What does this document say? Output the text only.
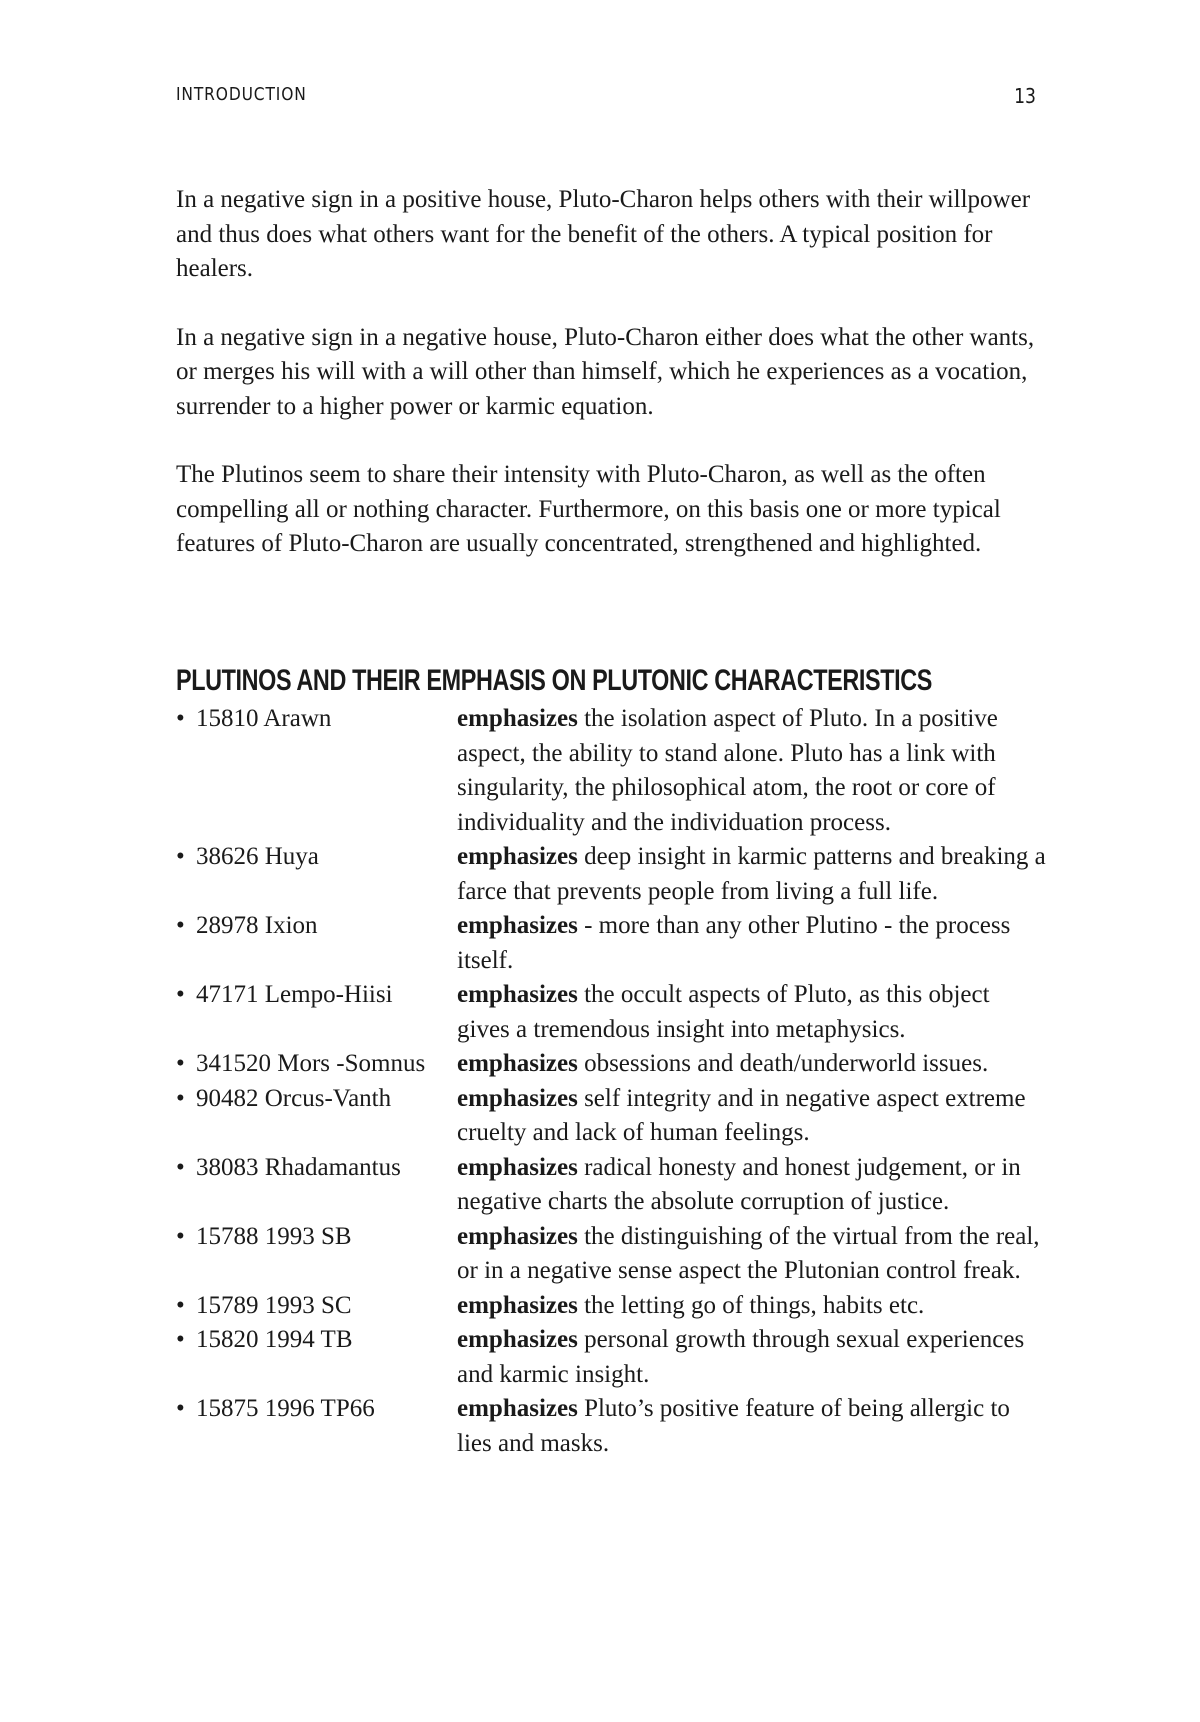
INTRODUCTION	13

In a negative sign in a positive house, Pluto-Charon helps others with their willpower and thus does what others want for the benefit of the others. A typical position for healers.

In a negative sign in a negative house, Pluto-Charon either does what the other wants, or merges his will with a will other than himself, which he experiences as a vocation, surrender to a higher power or karmic equation.

The Plutinos seem to share their intensity with Pluto-Charon, as well as the often compelling all or nothing character. Furthermore, on this basis one or more typical features of Pluto-Charon are usually concentrated, strengthened and highlighted.

PLUTINOS AND THEIR EMPHASIS ON PLUTONIC CHARACTERISTICS
• 15810 Arawn	emphasizes the isolation aspect of Pluto. In a positive aspect, the ability to stand alone. Pluto has a link with singularity, the philosophical atom, the root or core of individuality and the individuation process.
• 38626 Huya	emphasizes deep insight in karmic patterns and breaking a farce that prevents people from living a full life.
• 28978 Ixion	emphasizes - more than any other Plutino - the process itself.
• 47171 Lempo-Hiisi	emphasizes the occult aspects of Pluto, as this object gives a tremendous insight into metaphysics.
• 341520 Mors -Somnus	emphasizes obsessions and death/underworld issues.
• 90482 Orcus-Vanth	emphasizes self integrity and in negative aspect extreme cruelty and lack of human feelings.
• 38083 Rhadamantus	emphasizes radical honesty and honest judgement, or in negative charts the absolute corruption of justice.
• 15788 1993 SB	emphasizes the distinguishing of the virtual from the real, or in a negative sense aspect the Plutonian control freak.
• 15789 1993 SC	emphasizes the letting go of things, habits etc.
• 15820 1994 TB	emphasizes personal growth through sexual experiences and karmic insight.
• 15875 1996 TP66	emphasizes Pluto’s positive feature of being allergic to lies and masks.
